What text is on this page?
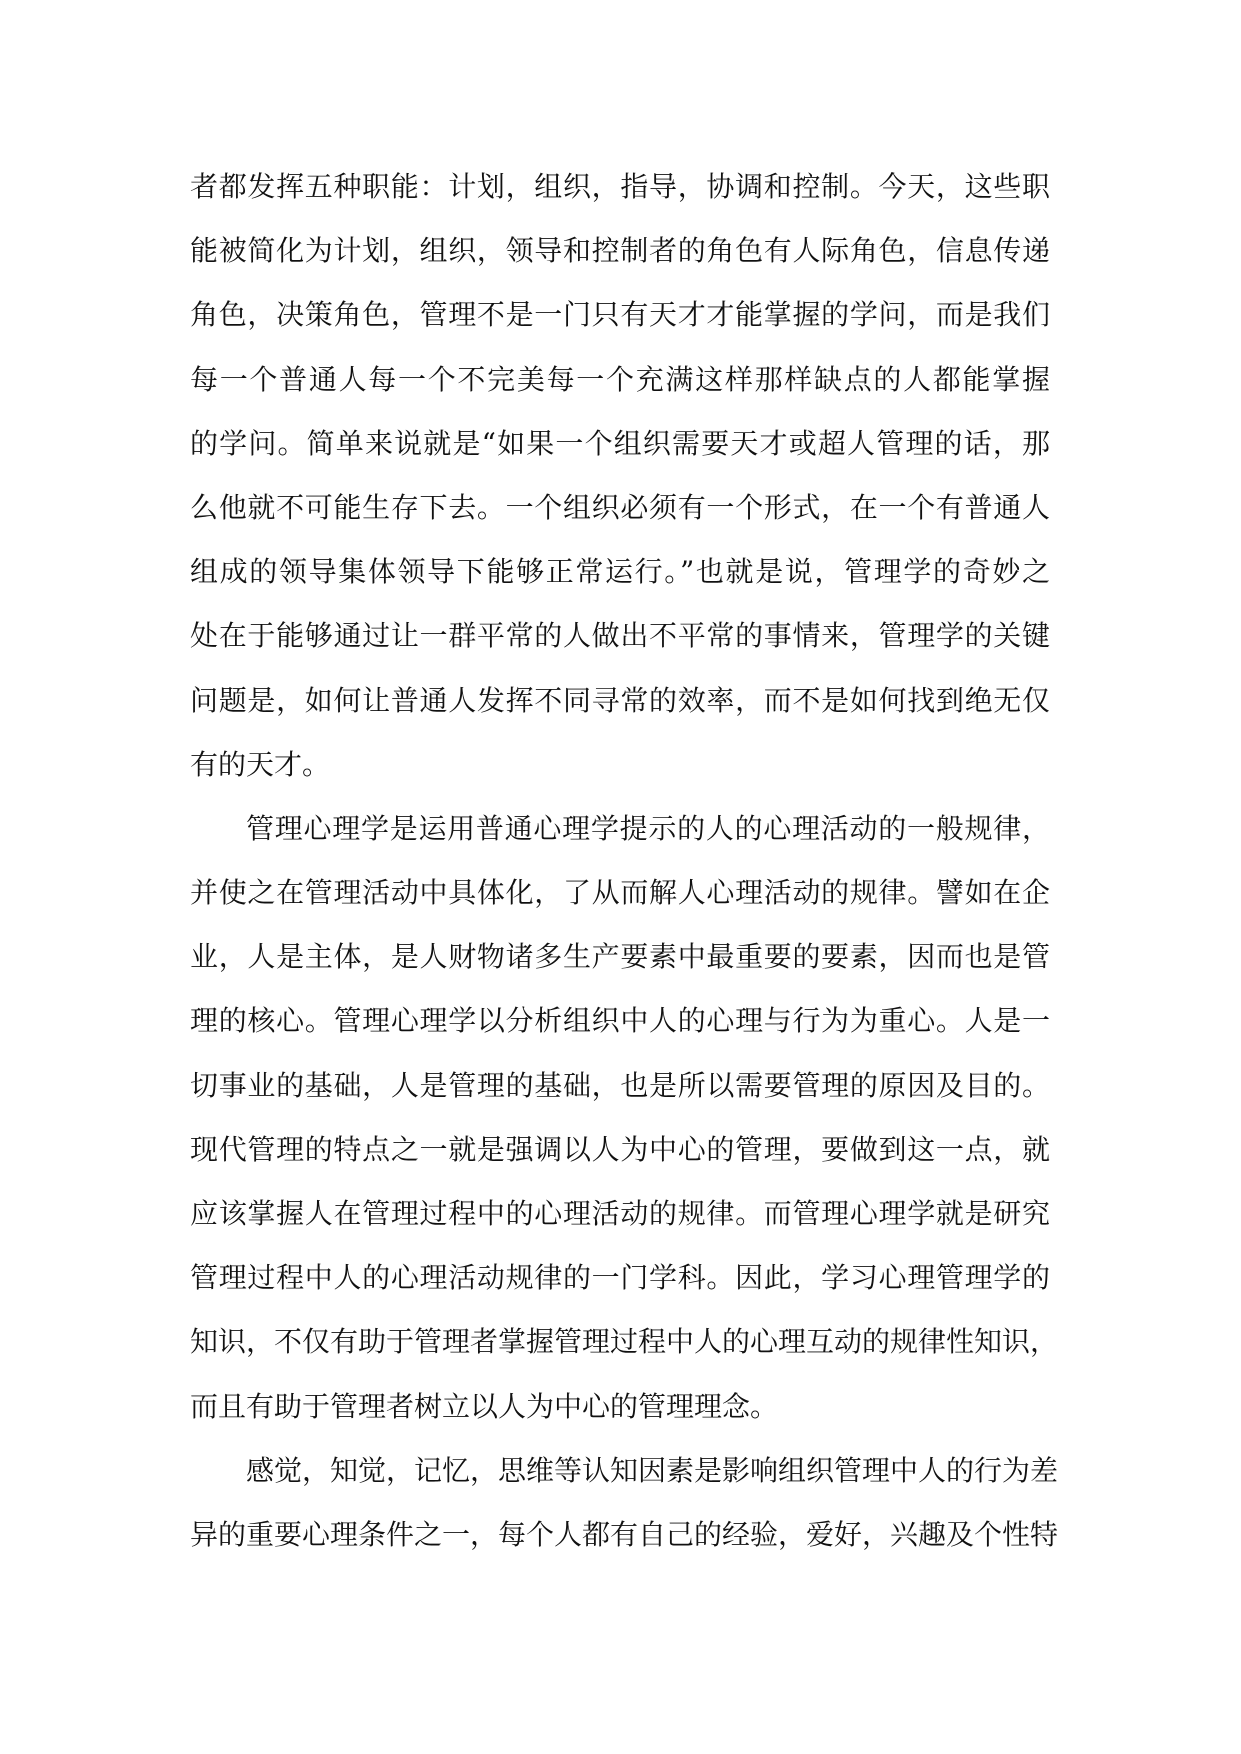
者都发挥五种职能：计划，组织，指导，协调和控制。今天，这些职
能被简化为计划，组织，领导和控制者的角色有人际角色，信息传递
角色，决策角色，管理不是一门只有天才才能掌握的学问，而是我们
每一个普通人每一个不完美每一个充满这样那样缺点的人都能掌握
的学问。简单来说就是“如果一个组织需要天才或超人管理的话，那
么他就不可能生存下去。一个组织必须有一个形式，在一个有普通人
组成的领导集体领导下能够正常运行。”也就是说，管理学的奇妙之
处在于能够通过让一群平常的人做出不平常的事情来，管理学的关键
问题是，如何让普通人发挥不同寻常的效率，而不是如何找到绝无仅
有的天才。
管理心理学是运用普通心理学提示的人的心理活动的一般规律，
并使之在管理活动中具体化，了从而解人心理活动的规律。譬如在企
业，人是主体，是人财物诸多生产要素中最重要的要素，因而也是管
理的核心。管理心理学以分析组织中人的心理与行为为重心。人是一
切事业的基础，人是管理的基础，也是所以需要管理的原因及目的。
现代管理的特点之一就是强调以人为中心的管理，要做到这一点，就
应该掌握人在管理过程中的心理活动的规律。而管理心理学就是研究
管理过程中人的心理活动规律的一门学科。因此，学习心理管理学的
知识，不仅有助于管理者掌握管理过程中人的心理互动的规律性知识，
而且有助于管理者树立以人为中心的管理理念。
感觉，知觉，记忆，思维等认知因素是影响组织管理中人的行为差
异的重要心理条件之一，每个人都有自己的经验，爱好，兴趣及个性特
